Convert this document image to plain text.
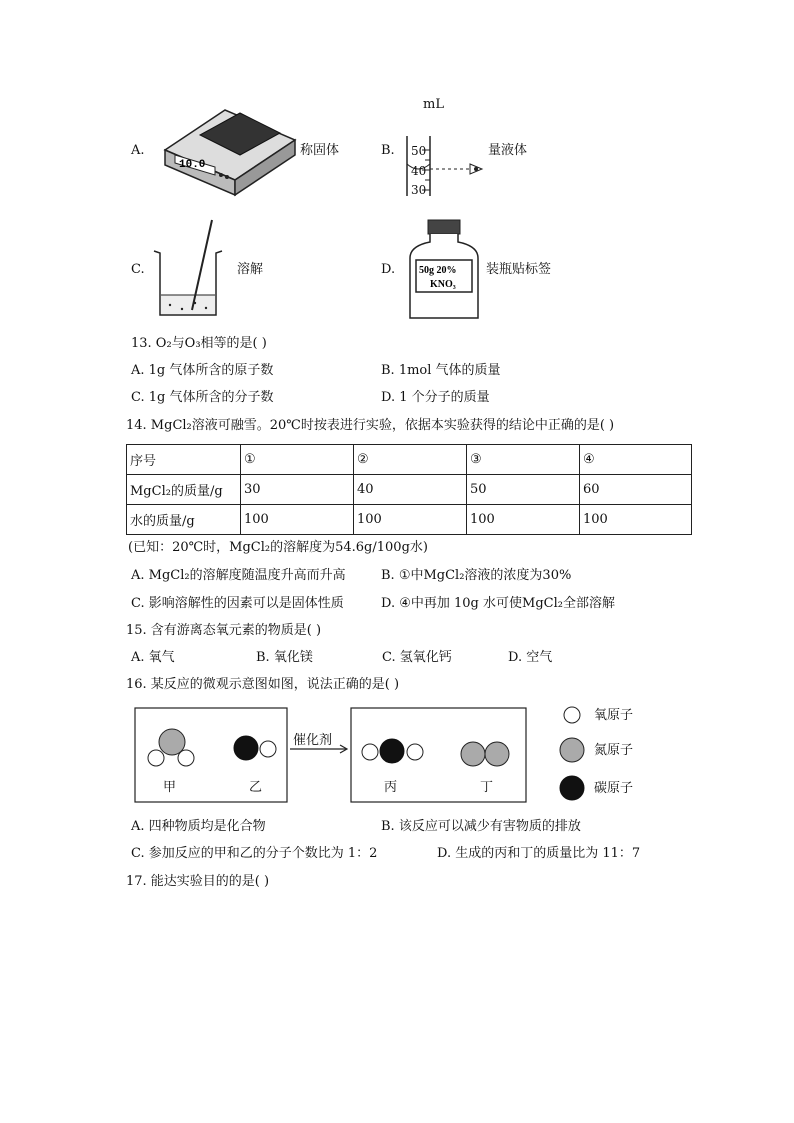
mL
A.
10.0
称固体	B. 50
40
30
量液体
C.	溶解	D. 50g 20%
KNO₃
装瓶贴标签
13. O₂与O₃相等的是( )
A. 1g 气体所含的原子数	B. 1mol 气体的质量
C. 1g 气体所含的分子数	D. 1 个分子的质量
14. MgCl₂溶液可融雪。20℃时按表进行实验，依据本实验获得的结论中正确的是( )
序号	①	②	③	④
MgCl₂的质量/g	30	40	50	60
水的质量/g	100	100	100	100
(已知：20℃时，MgCl₂的溶解度为54.6g/100g水)
A. MgCl₂的溶解度随温度升高而升高	B. ①中MgCl₂溶液的浓度为30%
C. 影响溶解性的因素可以是固体性质	D. ④中再加 10g 水可使MgCl₂全部溶解
15. 含有游离态氧元素的物质是( )
A. 氧气	B. 氧化镁	C. 氢氧化钙	D. 空气
16. 某反应的微观示意图如图，说法正确的是( )
催化剂
甲	乙	丙	丁
氧原子
氮原子
碳原子
A. 四种物质均是化合物	B. 该反应可以减少有害物质的排放
C. 参加反应的甲和乙的分子个数比为 1：2	D. 生成的丙和丁的质量比为 11：7
17. 能达实验目的的是( )
